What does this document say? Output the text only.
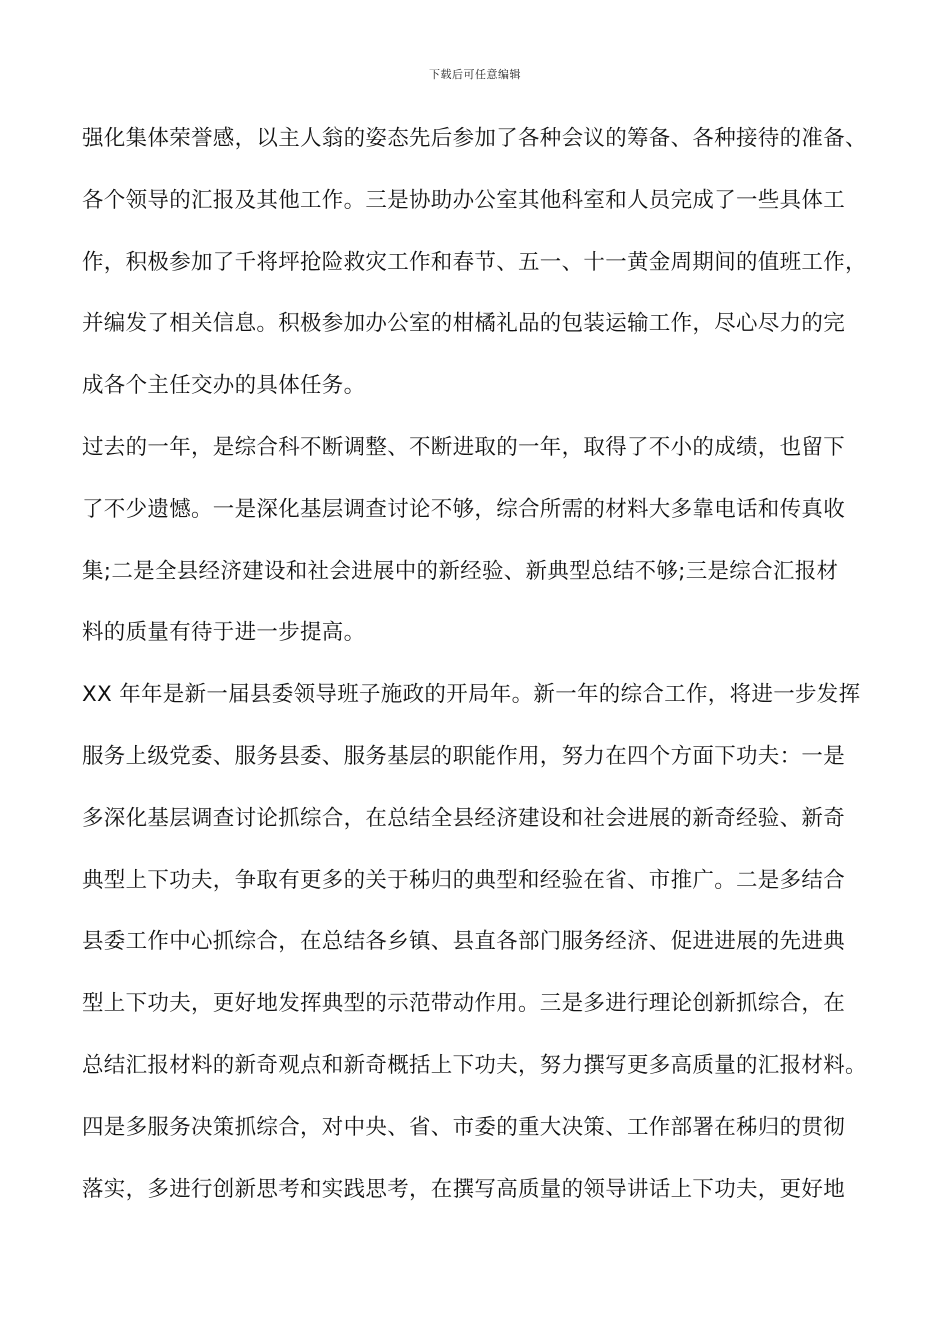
下载后可任意编辑
强化集体荣誉感，以主人翁的姿态先后参加了各种会议的筹备、各种接待的准备、
各个领导的汇报及其他工作。三是协助办公室其他科室和人员完成了一些具体工
作，积极参加了千将坪抢险救灾工作和春节、五一、十一黄金周期间的值班工作，
并编发了相关信息。积极参加办公室的柑橘礼品的包装运输工作，尽心尽力的完
成各个主任交办的具体任务。
过去的一年，是综合科不断调整、不断进取的一年，取得了不小的成绩，也留下
了不少遗憾。一是深化基层调查讨论不够，综合所需的材料大多靠电话和传真收
集;二是全县经济建设和社会进展中的新经验、新典型总结不够;三是综合汇报材
料的质量有待于进一步提高。
XX 年年是新一届县委领导班子施政的开局年。新一年的综合工作，将进一步发挥
服务上级党委、服务县委、服务基层的职能作用，努力在四个方面下功夫：一是
多深化基层调查讨论抓综合，在总结全县经济建设和社会进展的新奇经验、新奇
典型上下功夫，争取有更多的关于秭归的典型和经验在省、市推广。二是多结合
县委工作中心抓综合，在总结各乡镇、县直各部门服务经济、促进进展的先进典
型上下功夫，更好地发挥典型的示范带动作用。三是多进行理论创新抓综合，在
总结汇报材料的新奇观点和新奇概括上下功夫，努力撰写更多高质量的汇报材料。
四是多服务决策抓综合，对中央、省、市委的重大决策、工作部署在秭归的贯彻
落实，多进行创新思考和实践思考，在撰写高质量的领导讲话上下功夫，更好地
